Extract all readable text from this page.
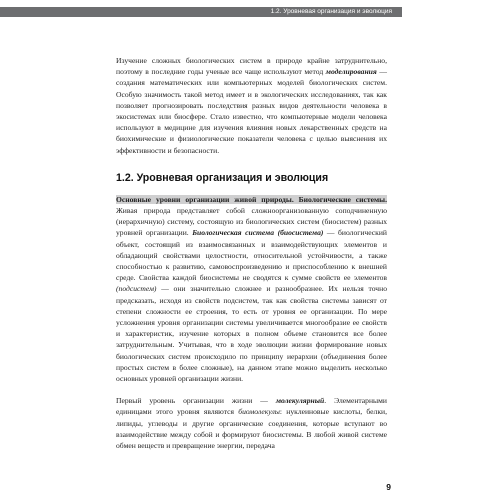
1.2. Уровневая организация и эволюция

Изучение сложных биологических систем в природе крайне затруднительно, поэтому в последние годы ученые все чаще используют метод моделирования — создания математических или компьютерных моделей биологических систем. Особую значимость такой метод имеет и в экологических исследованиях, так как позволяет прогнозировать последствия разных видов деятельности человека в экосистемах или биосфере. Стало известно, что компьютерные модели человека используют в медицине для изучения влияния новых лекарственных средств на биохимические и физиологические показатели человека с целью выяснения их эффективности и безопасности.

1.2. Уровневая организация и эволюция

Основные уровни организации живой природы. Биологические системы. Живая природа представляет собой сложноорганизованную соподчиненную (иерархичную) систему, состоящую из биологических систем (биосистем) разных уровней организации. Биологическая система (биосистема) — биологический объект, состоящий из взаимосвязанных и взаимодействующих элементов и обладающий свойствами целостности, относительной устойчивости, а также способностью к развитию, самовоспроизведению и приспособлению к внешней среде. Свойства каждой биосистемы не сводятся к сумме свойств ее элементов (подсистем) — они значительно сложнее и разнообразнее. Их нельзя точно предсказать, исходя из свойств подсистем, так как свойства системы зависят от степени сложности ее строения, то есть от уровня ее организации. По мере усложнения уровня организации системы увеличивается многообразие ее свойств и характеристик, изучение которых в полном объеме становится все более затруднительным. Учитывая, что в ходе эволюции жизни формирование новых биологических систем происходило по принципу иерархии (объединения более простых систем в более сложные), на данном этапе можно выделить несколько основных уровней организации жизни.

Первый уровень организации жизни — молекулярный. Элементарными единицами этого уровня являются биомолекулы: нуклеиновые кислоты, белки, липиды, углеводы и другие органические соединения, которые вступают во взаимодействие между собой и формируют биосистемы. В любой живой системе обмен веществ и превращение энергии, передача

9
